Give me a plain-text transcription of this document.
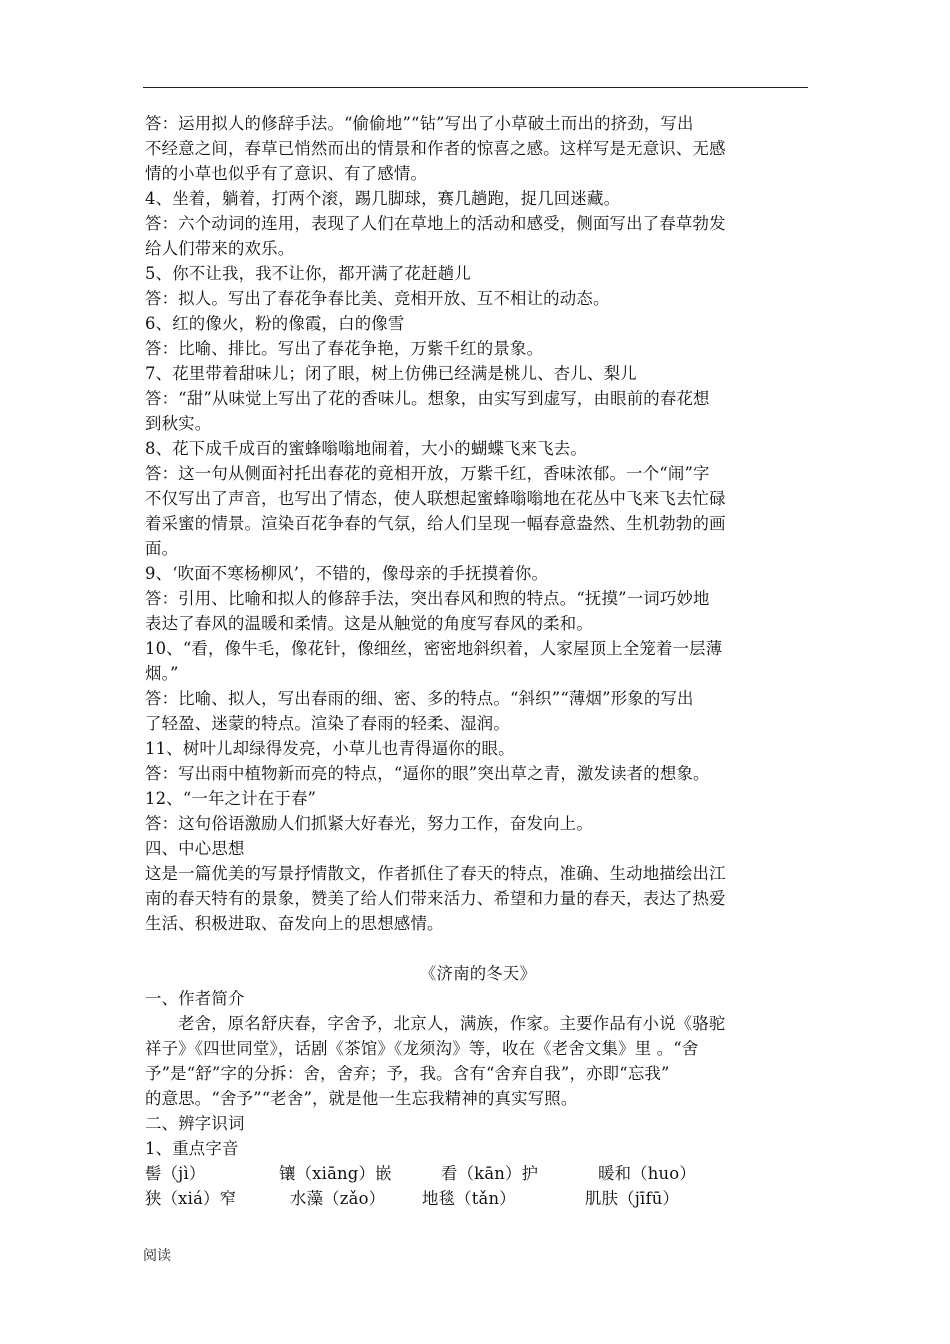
答：运用拟人的修辞手法。“偷偷地”“钻”写出了小草破土而出的挤劲，写出

不经意之间，春草已悄然而出的情景和作者的惊喜之感。这样写是无意识、无感

情的小草也似乎有了意识、有了感情。

4、坐着，躺着，打两个滚，踢几脚球，赛几趟跑，捉几回迷藏。

答：六个动词的连用，表现了人们在草地上的活动和感受，侧面写出了春草勃发

给人们带来的欢乐。

5、你不让我，我不让你，都开满了花赶趟儿

答：拟人。写出了春花争春比美、竞相开放、互不相让的动态。

6、红的像火，粉的像霞，白的像雪

答：比喻、排比。写出了春花争艳，万紫千红的景象。

7、花里带着甜味儿；闭了眼，树上仿佛已经满是桃儿、杏儿、梨儿

答：“甜”从味觉上写出了花的香味儿。想象，由实写到虚写，由眼前的春花想

到秋实。

8、花下成千成百的蜜蜂嗡嗡地闹着，大小的蝴蝶飞来飞去。

答：这一句从侧面衬托出春花的竟相开放，万紫千红，香味浓郁。一个“闹”字

不仅写出了声音，也写出了情态，使人联想起蜜蜂嗡嗡地在花丛中飞来飞去忙碌

着采蜜的情景。渲染百花争春的气氛，给人们呈现一幅春意盎然、生机勃勃的画

面。

9、‘吹面不寒杨柳风’，不错的，像母亲的手抚摸着你。

答：引用、比喻和拟人的修辞手法，突出春风和煦的特点。“抚摸”一词巧妙地

表达了春风的温暖和柔情。这是从触觉的角度写春风的柔和。

10、“看，像牛毛，像花针，像细丝，密密地斜织着，人家屋顶上全笼着一层薄

烟。”

答：比喻、拟人，写出春雨的细、密、多的特点。“斜织”“薄烟”形象的写出

了轻盈、迷蒙的特点。渲染了春雨的轻柔、湿润。

11、树叶儿却绿得发亮，小草儿也青得逼你的眼。

答：写出雨中植物新而亮的特点，“逼你的眼”突出草之青，激发读者的想象。

12、“一年之计在于春”

答：这句俗语激励人们抓紧大好春光，努力工作，奋发向上。

四、中心思想

这是一篇优美的写景抒情散文，作者抓住了春天的特点，准确、生动地描绘出江

南的春天特有的景象，赞美了给人们带来活力、希望和力量的春天，表达了热爱

生活、积极进取、奋发向上的思想感情。

《济南的冬天》

一、作者简介

老舍，原名舒庆春，字舍予，北京人，满族，作家。主要作品有小说《骆驼

祥子》《四世同堂》，话剧《茶馆》《龙须沟》等，收在《老舍文集》里 。“舍

予”是“舒”字的分拆：舍，舍弃；予，我。含有“舍弃自我”，亦即“忘我”

的意思。“舍予”“老舍”，就是他一生忘我精神的真实写照。

二、辨字识词

1、重点字音

髻（jì）	镶（xiāng）嵌	看（kān）护	暖和（huo）
狭（xiá）窄	水藻（zǎo）	地毯（tǎn）	肌肤（jīfū）
阅读
